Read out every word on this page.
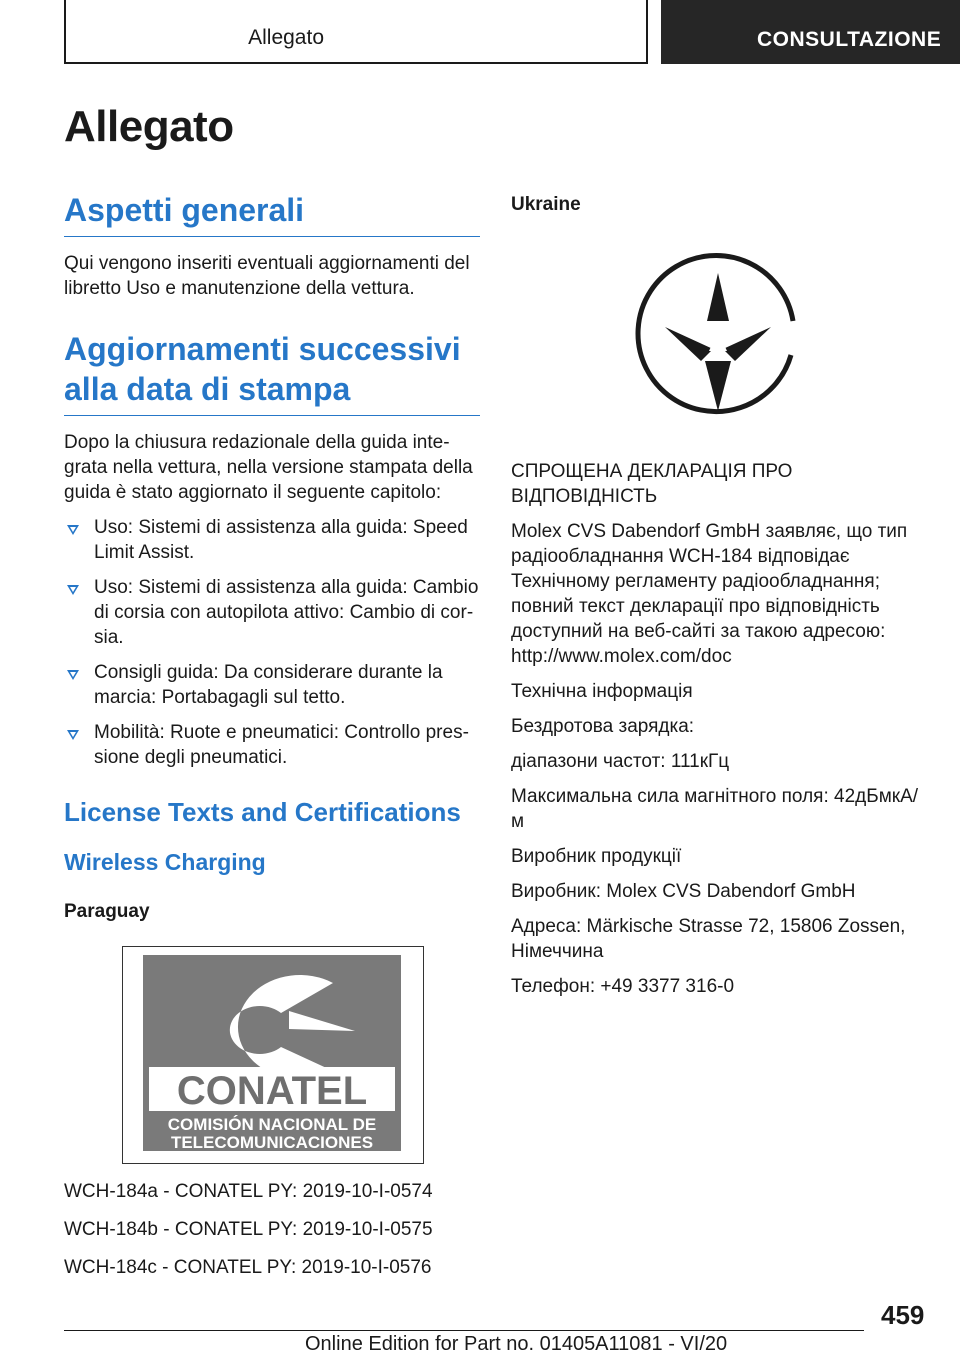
Allegato	CONSULTAZIONE
Allegato
Aspetti generali

Qui vengono inseriti eventuali aggiornamenti del libretto Uso e manutenzione della vettura.

Aggiornamenti successivi alla data di stampa

Dopo la chiusura redazionale della guida integrata nella vettura, nella versione stampata della guida è stato aggiornato il seguente capitolo:

Uso: Sistemi di assistenza alla guida: Speed Limit Assist.
Uso: Sistemi di assistenza alla guida: Cambio di corsia con autopilota attivo: Cambio di corsia.
Consigli guida: Da considerare durante la marcia: Portabagagli sul tetto.
Mobilità: Ruote e pneumatici: Controllo pressione degli pneumatici.
License Texts and Certifications
Wireless Charging
Paraguay
CONATEL
COMISIÓN NACIONAL DE
TELECOMUNICACIONES

WCH-184a - CONATEL PY: 2019-10-I-0574

WCH-184b - CONATEL PY: 2019-10-I-0575

WCH-184c - CONATEL PY: 2019-10-I-0576

Ukraine

СПРОЩЕНА ДЕКЛАРАЦІЯ ПРО ВІДПОВІДНІСТЬ

Molex CVS Dabendorf GmbH заявляє, що тип радіообладнання WCH-184 відповідає Технічному регламенту радіообладнання; повний текст декларації про відповідність доступний на веб-сайті за такою адресою: http://www.molex.com/doc

Технічна інформація

Бездротова зарядка:

діапазони частот: 111кГц

Максимальна сила магнітного поля: 42дБмкА/м

Виробник продукції

Виробник: Molex CVS Dabendorf GmbH

Адреса: Märkische Strasse 72, 15806 Zossen, Німеччина

Телефон: +49 3377 316-0

459
Online Edition for Part no. 01405A11081 - VI/20
